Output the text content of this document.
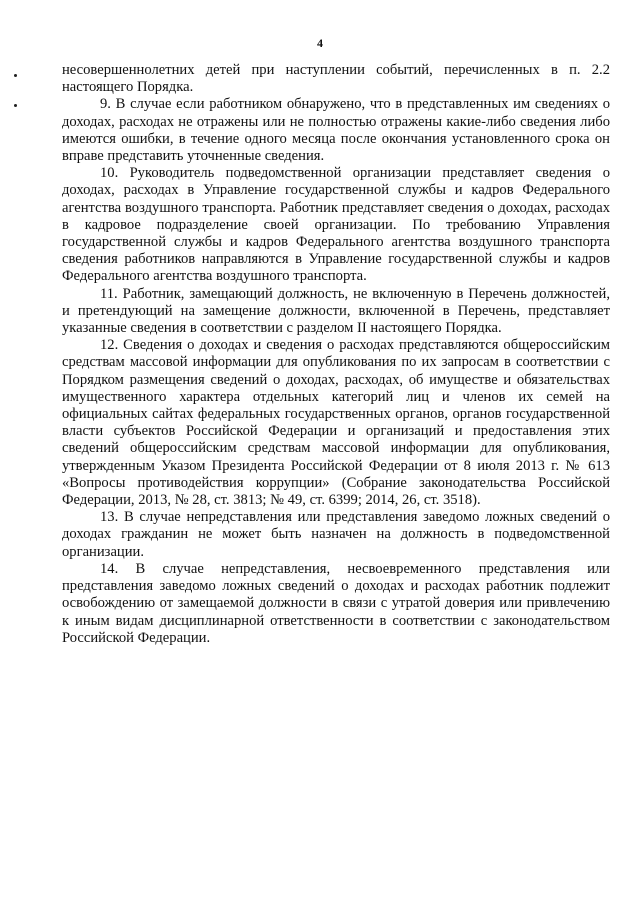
4

несовершеннолетних детей при наступлении событий, перечисленных в п. 2.2 настоящего Порядка.

9. В случае если работником обнаружено, что в представленных им сведениях о доходах, расходах не отражены или не полностью отражены какие-либо сведения либо имеются ошибки, в течение одного месяца после окончания установленного срока он вправе представить уточненные сведения.

10. Руководитель подведомственной организации представляет сведения о доходах, расходах в Управление государственной службы и кадров Федерального агентства воздушного транспорта. Работник представляет сведения о доходах, расходах в кадровое подразделение своей организации. По требованию Управления государственной службы и кадров Федерального агентства воздушного транспорта сведения работников направляются в Управление государственной службы и кадров Федерального агентства воздушного транспорта.

11. Работник, замещающий должность, не включенную в Перечень должностей, и претендующий на замещение должности, включенной в Перечень, представляет указанные сведения в соответствии с разделом II настоящего Порядка.

12. Сведения о доходах и сведения о расходах представляются общероссийским средствам массовой информации для опубликования по их запросам в соответствии с Порядком размещения сведений о доходах, расходах, об имуществе и обязательствах имущественного характера отдельных категорий лиц и членов их семей на официальных сайтах федеральных государственных органов, органов государственной власти субъектов Российской Федерации и организаций и предоставления этих сведений общероссийским средствам массовой информации для опубликования, утвержденным Указом Президента Российской Федерации от 8 июля 2013 г. № 613 «Вопросы противодействия коррупции» (Собрание законодательства Российской Федерации, 2013, № 28, ст. 3813; № 49, ст. 6399; 2014, 26, ст. 3518).

13. В случае непредставления или представления заведомо ложных сведений о доходах гражданин не может быть назначен на должность в подведомственной организации.

14. В случае непредставления, несвоевременного представления или представления заведомо ложных сведений о доходах и расходах работник подлежит освобождению от замещаемой должности в связи с утратой доверия или привлечению к иным видам дисциплинарной ответственности в соответствии с законодательством Российской Федерации.
